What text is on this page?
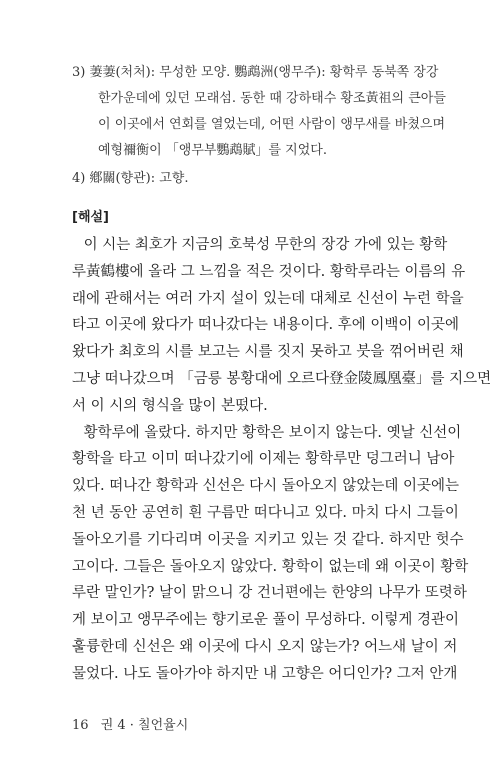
3) 萋萋(처처): 무성한 모양. 鸚鵡洲(앵무주): 황학루 동북쪽 장강
한가운데에 있던 모래섬. 동한 때 강하태수 황조黃祖의 큰아들
이 이곳에서 연회를 열었는데, 어떤 사람이 앵무새를 바쳤으며
예형禰衡이 「앵무부鸚鵡賦」를 지었다.
4) 鄕關(향관): 고향.
[해설]
이 시는 최호가 지금의 호북성 무한의 장강 가에 있는 황학
루黃鶴樓에 올라 그 느낌을 적은 것이다. 황학루라는 이름의 유
래에 관해서는 여러 가지 설이 있는데 대체로 신선이 누런 학을
타고 이곳에 왔다가 떠나갔다는 내용이다. 후에 이백이 이곳에
왔다가 최호의 시를 보고는 시를 짓지 못하고 붓을 꺾어버린 채
그냥 떠나갔으며 「금릉 봉황대에 오르다登金陵鳳凰臺」를 지으면
서 이 시의 형식을 많이 본떴다.
황학루에 올랐다. 하지만 황학은 보이지 않는다. 옛날 신선이
황학을 타고 이미 떠나갔기에 이제는 황학루만 덩그러니 남아
있다. 떠나간 황학과 신선은 다시 돌아오지 않았는데 이곳에는
천 년 동안 공연히 흰 구름만 떠다니고 있다. 마치 다시 그들이
돌아오기를 기다리며 이곳을 지키고 있는 것 같다. 하지만 헛수
고이다. 그들은 돌아오지 않았다. 황학이 없는데 왜 이곳이 황학
루란 말인가? 날이 맑으니 강 건너편에는 한양의 나무가 또렷하
게 보이고 앵무주에는 향기로운 풀이 무성하다. 이렇게 경관이
훌륭한데 신선은 왜 이곳에 다시 오지 않는가? 어느새 날이 저
물었다. 나도 돌아가야 하지만 내 고향은 어디인가? 그저 안개
16 권 4 · 칠언율시
